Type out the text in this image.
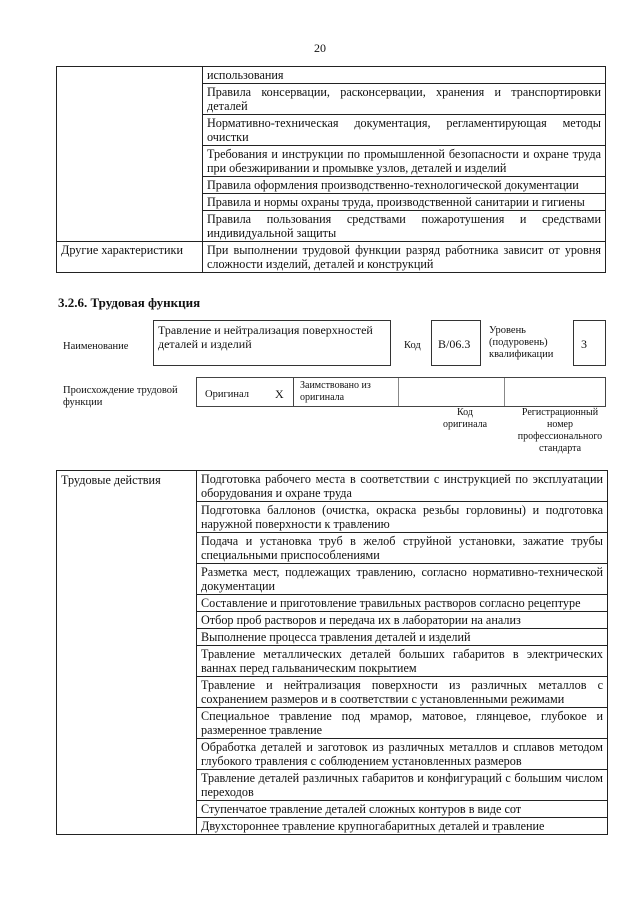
20
	использования
	Правила консервации, расконсервации, хранения и транспортировки деталей
	Нормативно-техническая документация, регламентирующая методы очистки
	Требования и инструкции по промышленной безопасности и охране труда при обезжиривании и промывке узлов, деталей и изделий
	Правила оформления производственно-технологической документации
	Правила и нормы охраны труда, производственной санитарии и гигиены
	Правила пользования средствами пожаротушения и средствами индивидуальной защиты
Другие характеристики	При выполнении трудовой функции разряд работника зависит от уровня сложности изделий, деталей и конструкций
3.2.6. Трудовая функция
Наименование
Травление и нейтрализация поверхностей деталей и изделий	Код	B/06.3
Уровень (подуровень) квалификации
3
Происхождение трудовой функции
Оригинал X
Заимствовано из оригинала
Код оригинала
Регистрационный номер профессионального стандарта
Трудовые действия	Подготовка рабочего места в соответствии с инструкцией по эксплуатации оборудования и охране труда
Подготовка баллонов (очистка, окраска резьбы горловины) и подготовка наружной поверхности к травлению
Подача и установка труб в желоб струйной установки, зажатие трубы специальными приспособлениями
Разметка мест, подлежащих травлению, согласно нормативно-технической документации
Составление и приготовление травильных растворов согласно рецептуре
Отбор проб растворов и передача их в лаборатории на анализ
Выполнение процесса травления деталей и изделий
Травление металлических деталей больших габаритов в электрических ваннах перед гальваническим покрытием
Травление и нейтрализация поверхности из различных металлов с сохранением размеров и в соответствии с установленными режимами
Специальное травление под мрамор, матовое, глянцевое, глубокое и размеренное травление
Обработка деталей и заготовок из различных металлов и сплавов методом глубокого травления с соблюдением установленных размеров
Травление деталей различных габаритов и конфигураций с большим числом переходов
Ступенчатое травление деталей сложных контуров в виде сот
Двухстороннее травление крупногабаритных деталей и травление
